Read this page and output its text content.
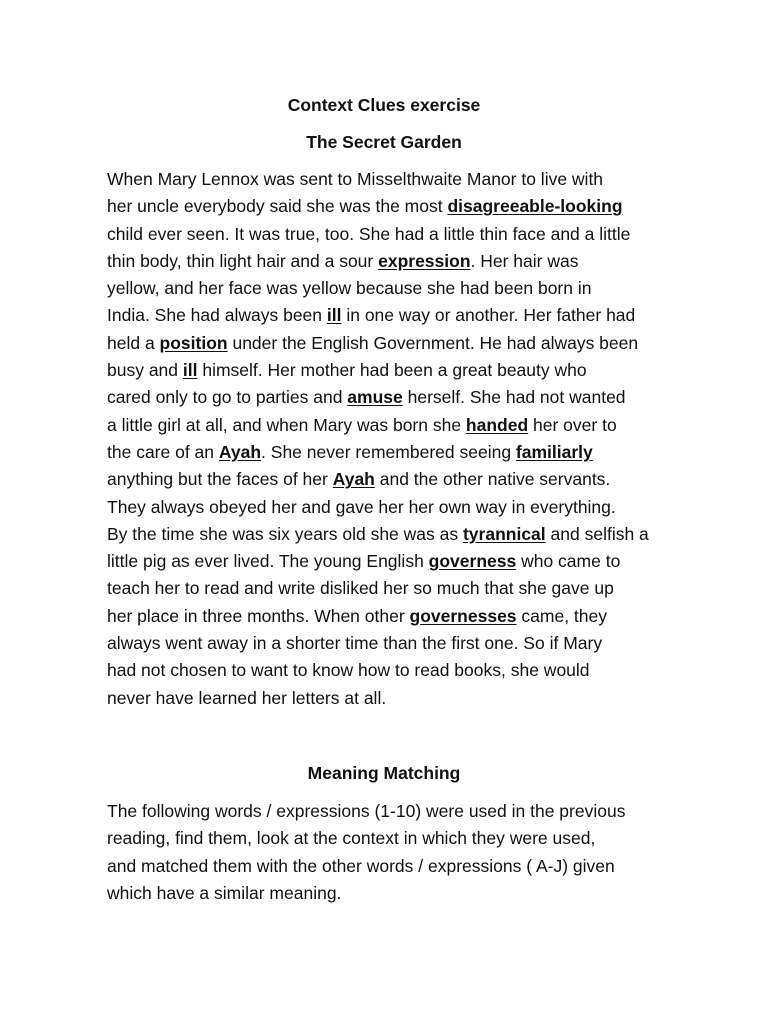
Context Clues exercise
The Secret Garden
When Mary Lennox was sent to Misselthwaite Manor to live with
her uncle everybody said she was the most disagreeable-looking
child ever seen. It was true, too. She had a little thin face and a little
thin body, thin light hair and a sour expression. Her hair was
yellow, and her face was yellow because she had been born in
India. She had always been ill in one way or another. Her father had
held a position under the English Government. He had always been
busy and ill himself. Her mother had been a great beauty who
cared only to go to parties and amuse herself. She had not wanted
a little girl at all, and when Mary was born she handed her over to
the care of an Ayah. She never remembered seeing familiarly
anything but the faces of her Ayah and the other native servants.
They always obeyed her and gave her her own way in everything.
By the time she was six years old she was as tyrannical and selfish a
little pig as ever lived. The young English governess who came to
teach her to read and write disliked her so much that she gave up
her place in three months. When other governesses came, they
always went away in a shorter time than the first one. So if Mary
had not chosen to want to know how to read books, she would
never have learned her letters at all.
Meaning Matching
The following words / expressions (1-10) were used in the previous
reading, find them, look at the context in which they were used,
and matched them with the other words / expressions ( A-J) given
which have a similar meaning.
